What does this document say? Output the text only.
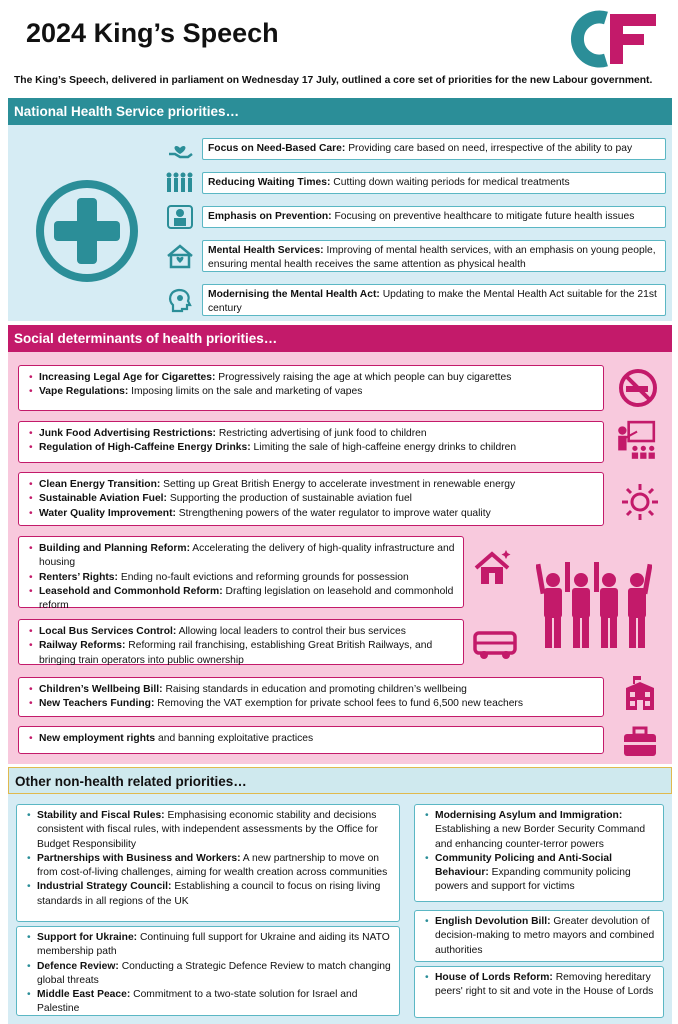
2024 King’s Speech
The King’s Speech, delivered in parliament on Wednesday 17 July, outlined a core set of priorities for the new Labour government.
National Health Service priorities…
Social determinants of health priorities…
Other non-health related priorities…
• Stability and Fiscal Rules: Emphasising economic stability and decisions consistent with fiscal rules, with independent assessments by the Office for Budget Responsibility
• Partnerships with Business and Workers: A new partnership to move on from cost-of-living challenges, aiming for wealth creation across communities
• Industrial Strategy Council: Establishing a council to focus on rising living standards in all regions of the UK
• Support for Ukraine: Continuing full support for Ukraine and aiding its NATO membership path
• Defence Review: Conducting a Strategic Defence Review to match changing global threats
• Middle East Peace: Commitment to a two-state solution for Israel and Palestine
• Modernising Asylum and Immigration: Establishing a new Border Security Command and enhancing counter-terror powers
• Community Policing and Anti-Social Behaviour: Expanding community policing powers and support for victims
• English Devolution Bill: Greater devolution of decision-making to metro mayors and combined authorities
• House of Lords Reform: Removing hereditary peers' right to sit and vote in the House of Lords
Focus on Need-Based Care: Providing care based on need, irrespective of the ability to pay
Reducing Waiting Times: Cutting down waiting periods for medical treatments
Emphasis on Prevention: Focusing on preventive healthcare to mitigate future health issues
Mental Health Services: Improving of mental health services, with an emphasis on young people, ensuring mental health receives the same attention as physical health
Modernising the Mental Health Act: Updating to make the Mental Health Act suitable for the 21st century
• Increasing Legal Age for Cigarettes: Progressively raising the age at which people can buy cigarettes
• Vape Regulations: Imposing limits on the sale and marketing of vapes
• Junk Food Advertising Restrictions: Restricting advertising of junk food to children
• Regulation of High-Caffeine Energy Drinks: Limiting the sale of high-caffeine energy drinks to children
• Clean Energy Transition: Setting up Great British Energy to accelerate investment in renewable energy
• Sustainable Aviation Fuel: Supporting the production of sustainable aviation fuel
• Water Quality Improvement: Strengthening powers of the water regulator to improve water quality
• Building and Planning Reform: Accelerating the delivery of high-quality infrastructure and housing
• Renters’ Rights: Ending no-fault evictions and reforming grounds for possession
• Leasehold and Commonhold Reform: Drafting legislation on leasehold and commonhold reform
• Local Bus Services Control: Allowing local leaders to control their bus services
• Railway Reforms: Reforming rail franchising, establishing Great British Railways, and bringing train operators into public ownership
• Children’s Wellbeing Bill: Raising standards in education and promoting children’s wellbeing
• New Teachers Funding: Removing the VAT exemption for private school fees to fund 6,500 new teachers
• New employment rights and banning exploitative practices
